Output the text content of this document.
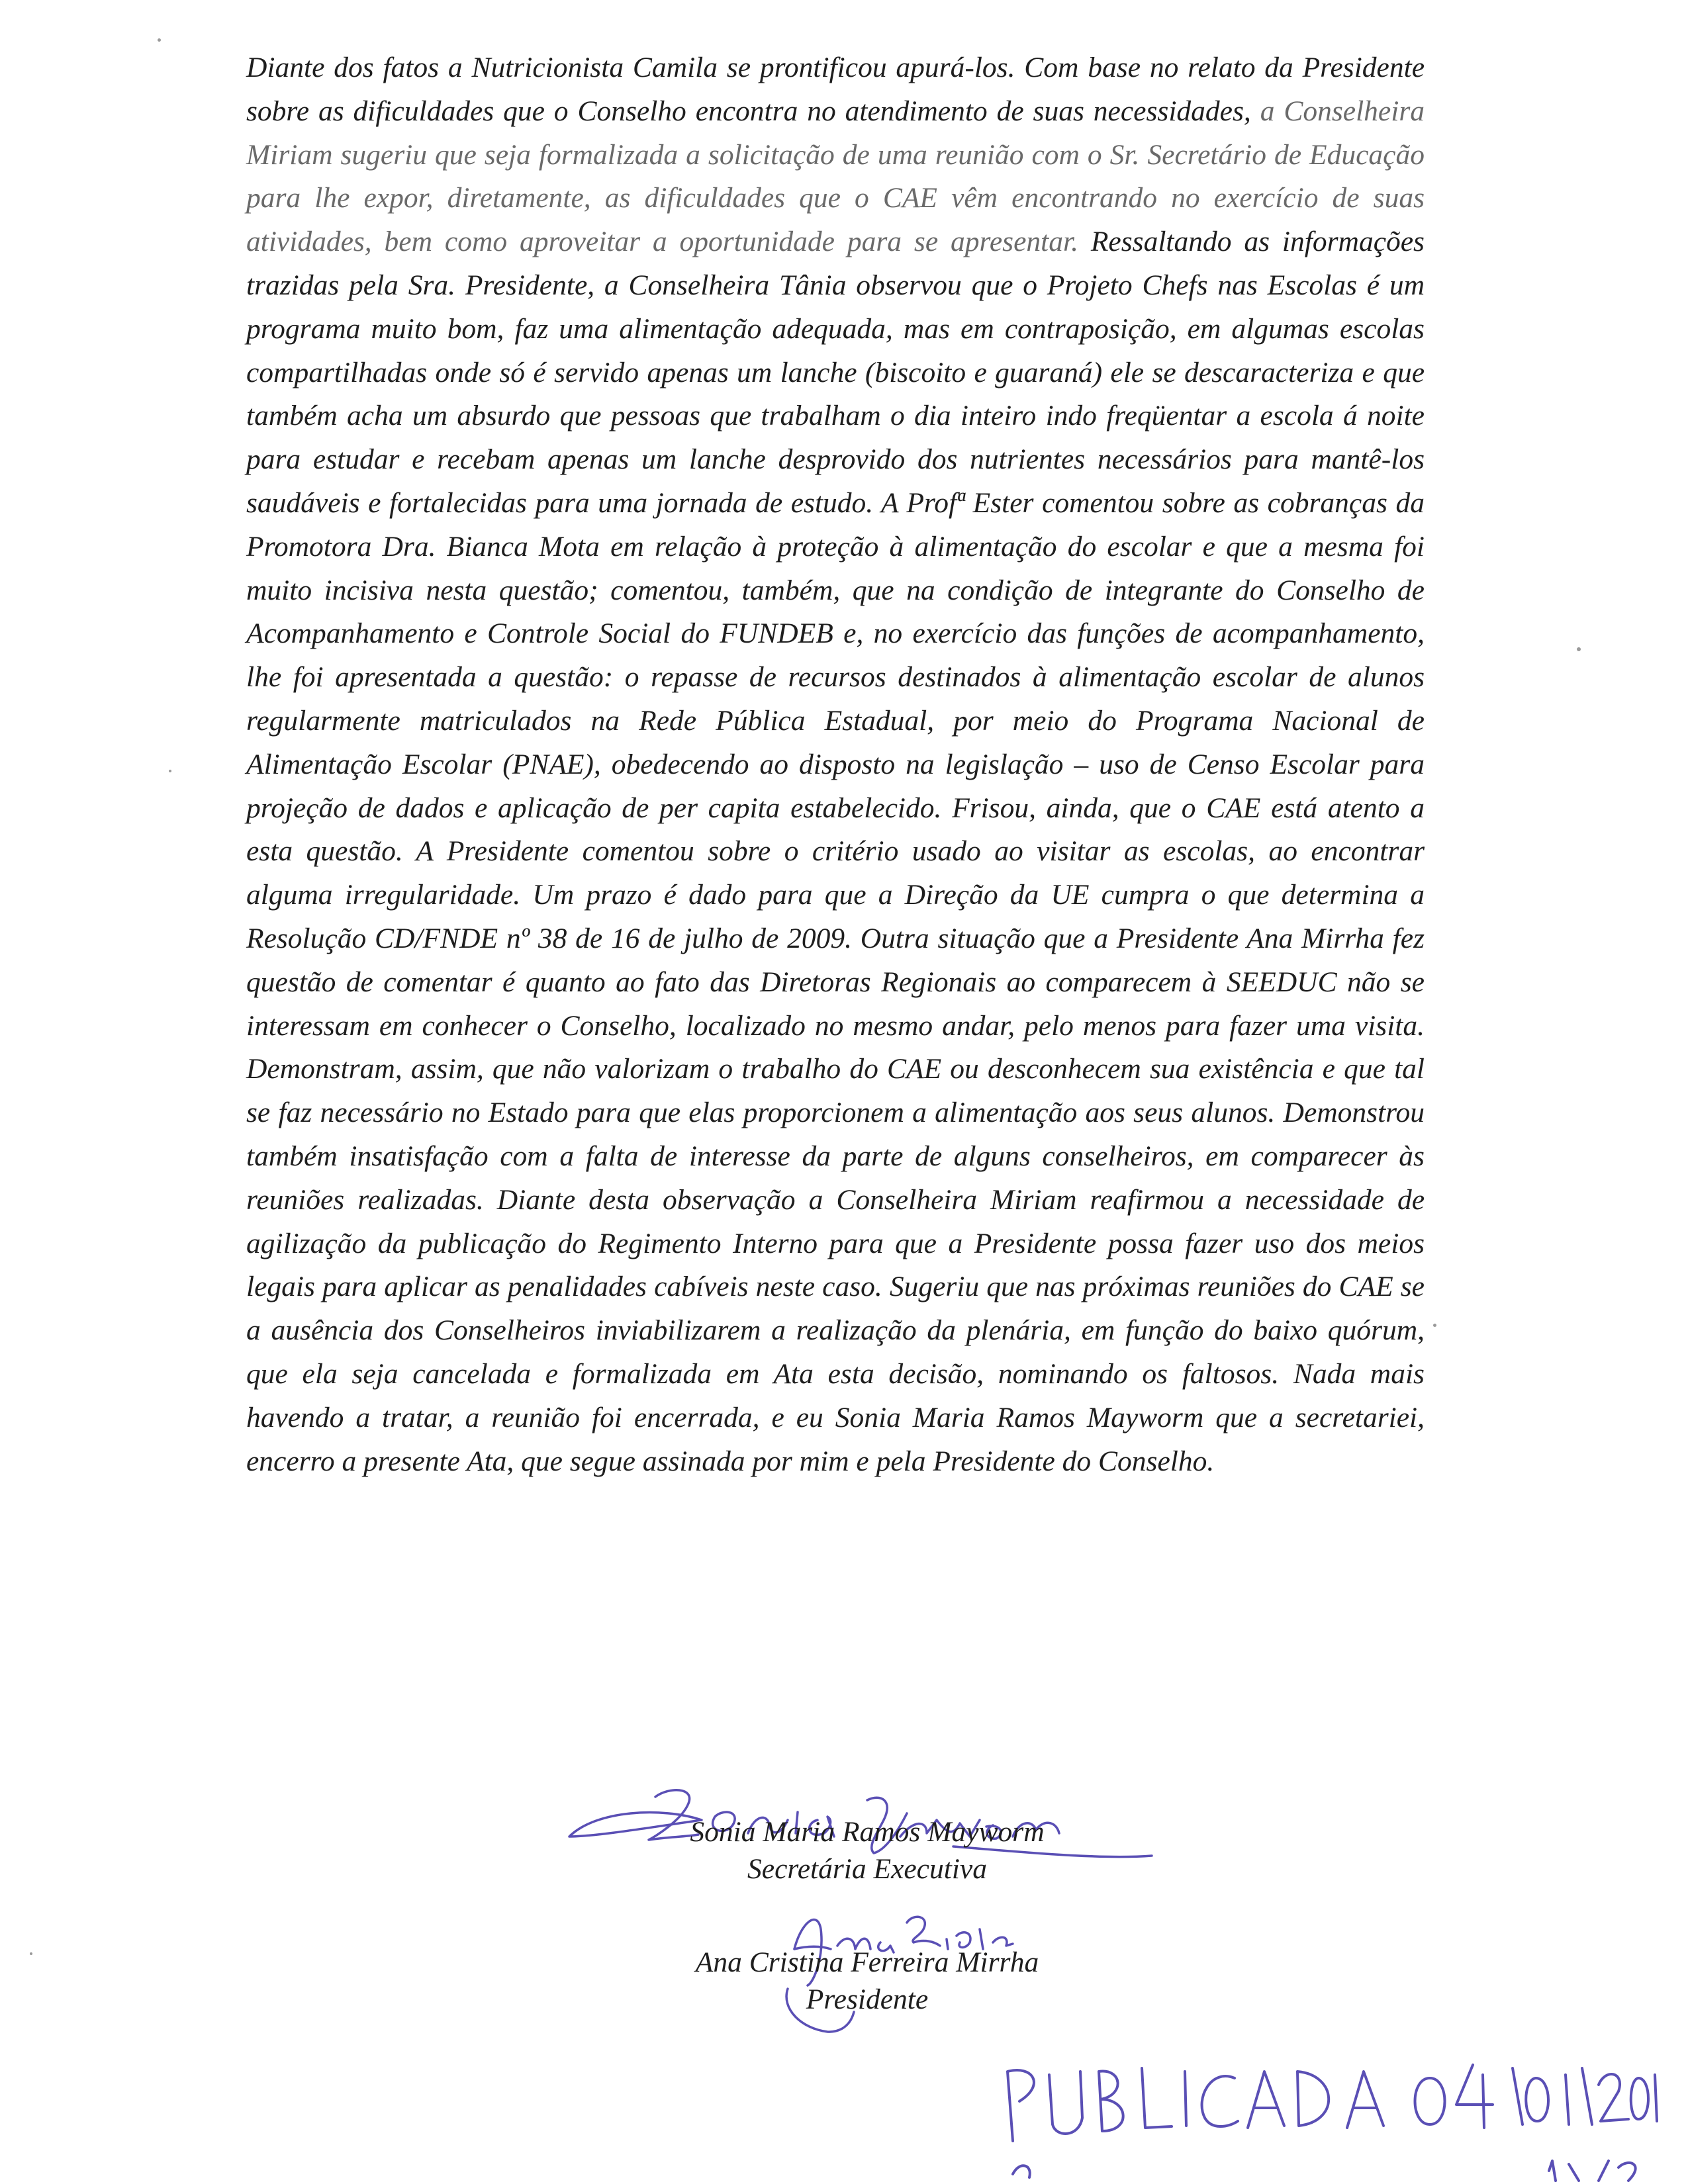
Diante dos fatos a Nutricionista Camila se prontificou apurá-los. Com base no relato da Presidente sobre as dificuldades que o Conselho encontra no atendimento de suas necessidades, a Conselheira Miriam sugeriu que seja formalizada a solicitação de uma reunião com o Sr. Secretário de Educação para lhe expor, diretamente, as dificuldades que o CAE vêm encontrando no exercício de suas atividades, bem como aproveitar a oportunidade para se apresentar. Ressaltando as informações trazidas pela Sra. Presidente, a Conselheira Tânia observou que o Projeto Chefs nas Escolas é um programa muito bom, faz uma alimentação adequada, mas em contraposição, em algumas escolas compartilhadas onde só é servido apenas um lanche (biscoito e guaraná) ele se descaracteriza e que também acha um absurdo que pessoas que trabalham o dia inteiro indo freqüentar a escola á noite para estudar e recebam apenas um lanche desprovido dos nutrientes necessários para mantê-los saudáveis e fortalecidas para uma jornada de estudo. A Profª Ester comentou sobre as cobranças da Promotora Dra. Bianca Mota em relação à proteção à alimentação do escolar e que a mesma foi muito incisiva nesta questão; comentou, também, que na condição de integrante do Conselho de Acompanhamento e Controle Social do FUNDEB e, no exercício das funções de acompanhamento, lhe foi apresentada a questão: o repasse de recursos destinados à alimentação escolar de alunos regularmente matriculados na Rede Pública Estadual, por meio do Programa Nacional de Alimentação Escolar (PNAE), obedecendo ao disposto na legislação – uso de Censo Escolar para projeção de dados e aplicação de per capita estabelecido. Frisou, ainda, que o CAE está atento a esta questão. A Presidente comentou sobre o critério usado ao visitar as escolas, ao encontrar alguma irregularidade. Um prazo é dado para que a Direção da UE cumpra o que determina a Resolução CD/FNDE nº 38 de 16 de julho de 2009. Outra situação que a Presidente Ana Mirrha fez questão de comentar é quanto ao fato das Diretoras Regionais ao comparecem à SEEDUC não se interessam em conhecer o Conselho, localizado no mesmo andar, pelo menos para fazer uma visita. Demonstram, assim, que não valorizam o trabalho do CAE ou desconhecem sua existência e que tal se faz necessário no Estado para que elas proporcionem a alimentação aos seus alunos. Demonstrou também insatisfação com a falta de interesse da parte de alguns conselheiros, em comparecer às reuniões realizadas. Diante desta observação a Conselheira Miriam reafirmou a necessidade de agilização da publicação do Regimento Interno para que a Presidente possa fazer uso dos meios legais para aplicar as penalidades cabíveis neste caso. Sugeriu que nas próximas reuniões do CAE se a ausência dos Conselheiros inviabilizarem a realização da plenária, em função do baixo quórum, que ela seja cancelada e formalizada em Ata esta decisão, nominando os faltosos. Nada mais havendo a tratar, a reunião foi encerrada, e eu Sonia Maria Ramos Mayworm que a secretariei, encerro a presente Ata, que segue assinada por mim e pela Presidente do Conselho.

Sonia Maria Ramos Mayworm
Secretária Executiva
Ana Cristina Ferreira Mirrha
Presidente
